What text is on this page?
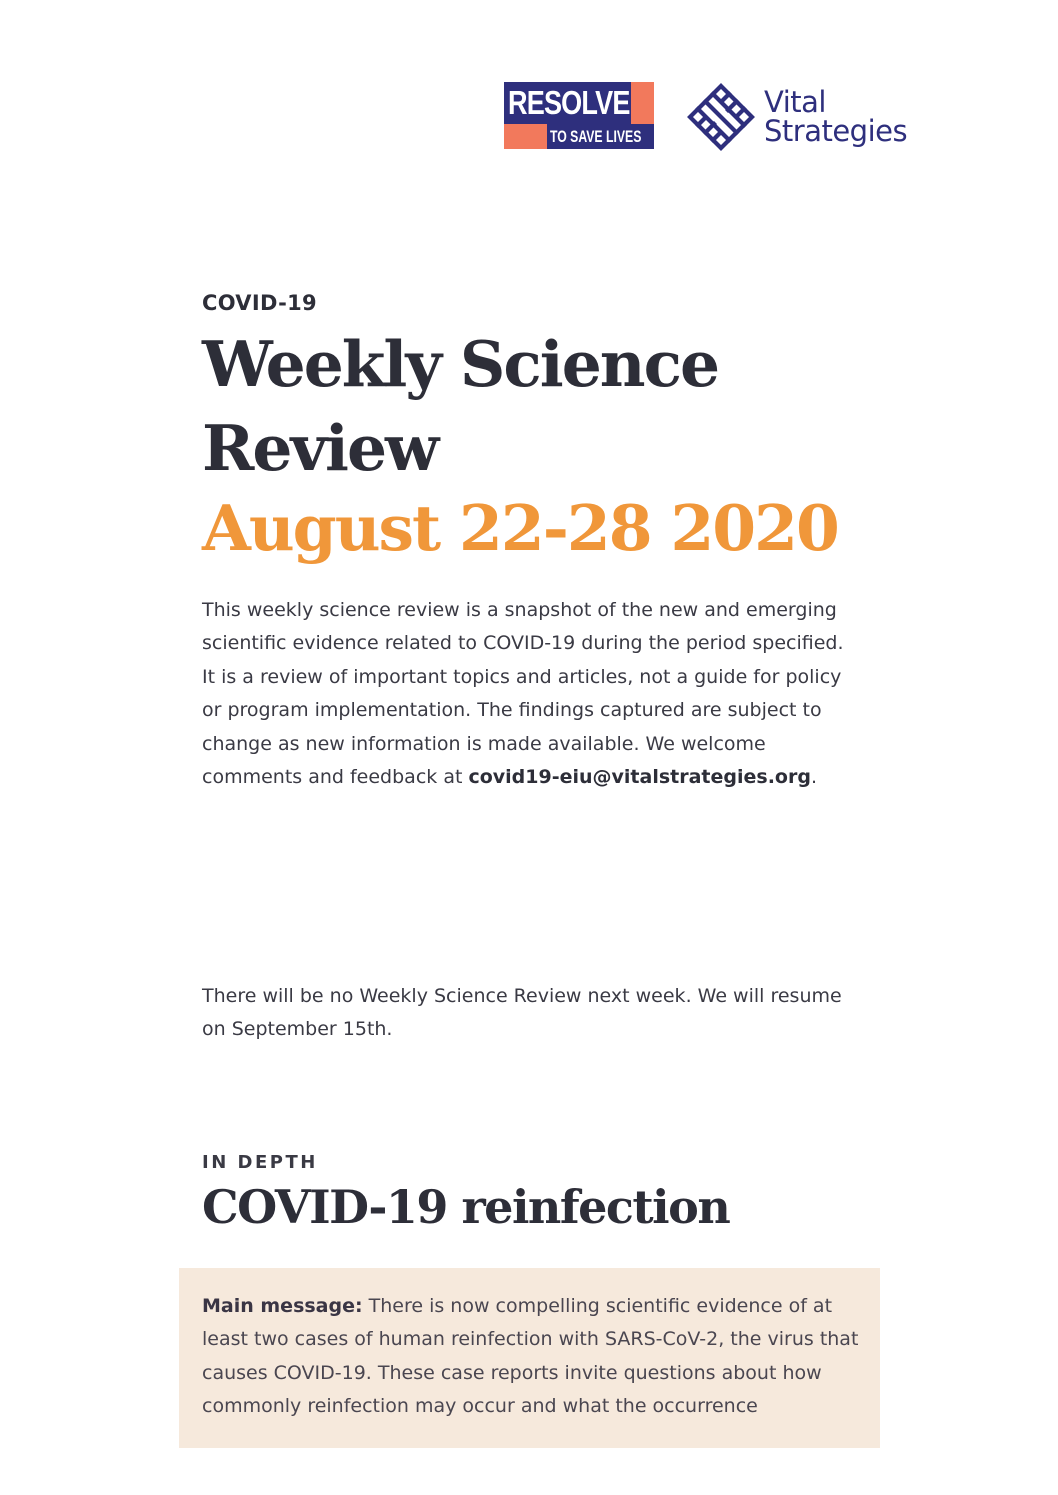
RESOLVE
TO SAVE LIVES
Vital
Strategies
COVID-19
Weekly Science
Review
August 22-28 2020

This weekly science review is a snapshot of the new and emerging scientific evidence related to COVID-19 during the period specified. It is a review of important topics and articles, not a guide for policy or program implementation. The findings captured are subject to change as new information is made available. We welcome comments and feedback at covid19-eiu@vitalstrategies.org.

There will be no Weekly Science Review next week. We will resume on September 15th.

IN DEPTH
COVID-19 reinfection

Main message: There is now compelling scientific evidence of at least two cases of human reinfection with SARS-CoV-2, the virus that causes COVID-19. These case reports invite questions about how commonly reinfection may occur and what the occurrence
